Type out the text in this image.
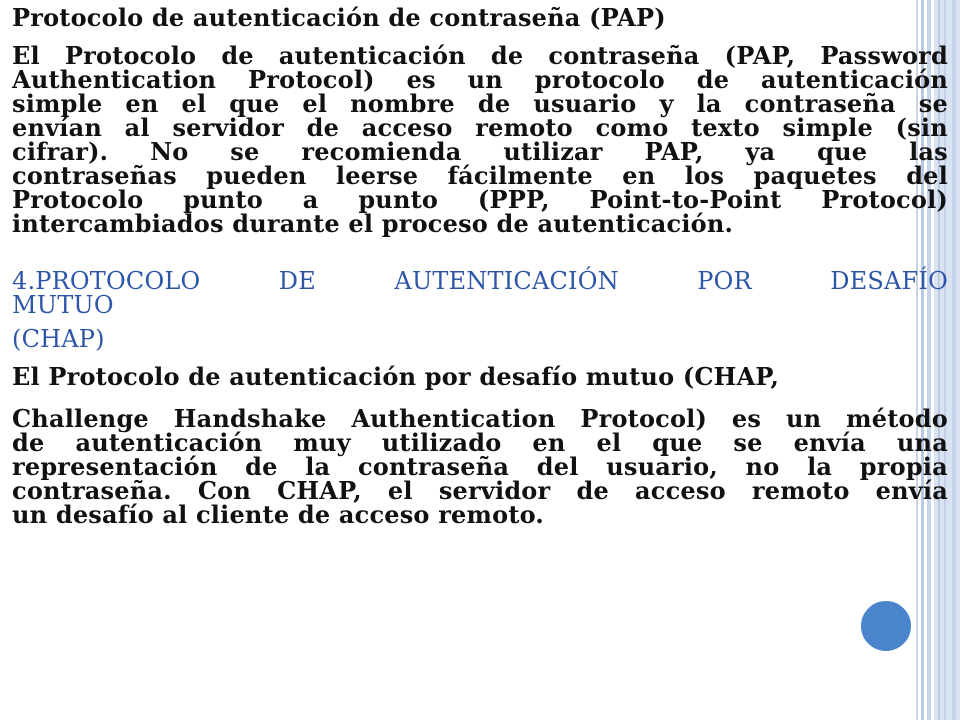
Protocolo de autenticación de contraseña (PAP)
El Protocolo de autenticación de contraseña (PAP, Password
Authentication Protocol) es un protocolo de autenticación
simple en el que el nombre de usuario y la contraseña se
envían al servidor de acceso remoto como texto simple (sin
cifrar). No se recomienda utilizar PAP, ya que las
contraseñas pueden leerse fácilmente en los paquetes del
Protocolo punto a punto (PPP, Point-to-Point Protocol)
intercambiados durante el proceso de autenticación.
4.PROTOCOLO	DE	AUTENTICACIÓN	POR	DESAFÍO
MUTUO
(CHAP)
El Protocolo de autenticación por desafío mutuo (CHAP,
Challenge Handshake Authentication Protocol) es un método
de autenticación muy utilizado en el que se envía una
representación de la contraseña del usuario, no la propia
contraseña. Con CHAP, el servidor de acceso remoto envía
un desafío al cliente de acceso remoto.
